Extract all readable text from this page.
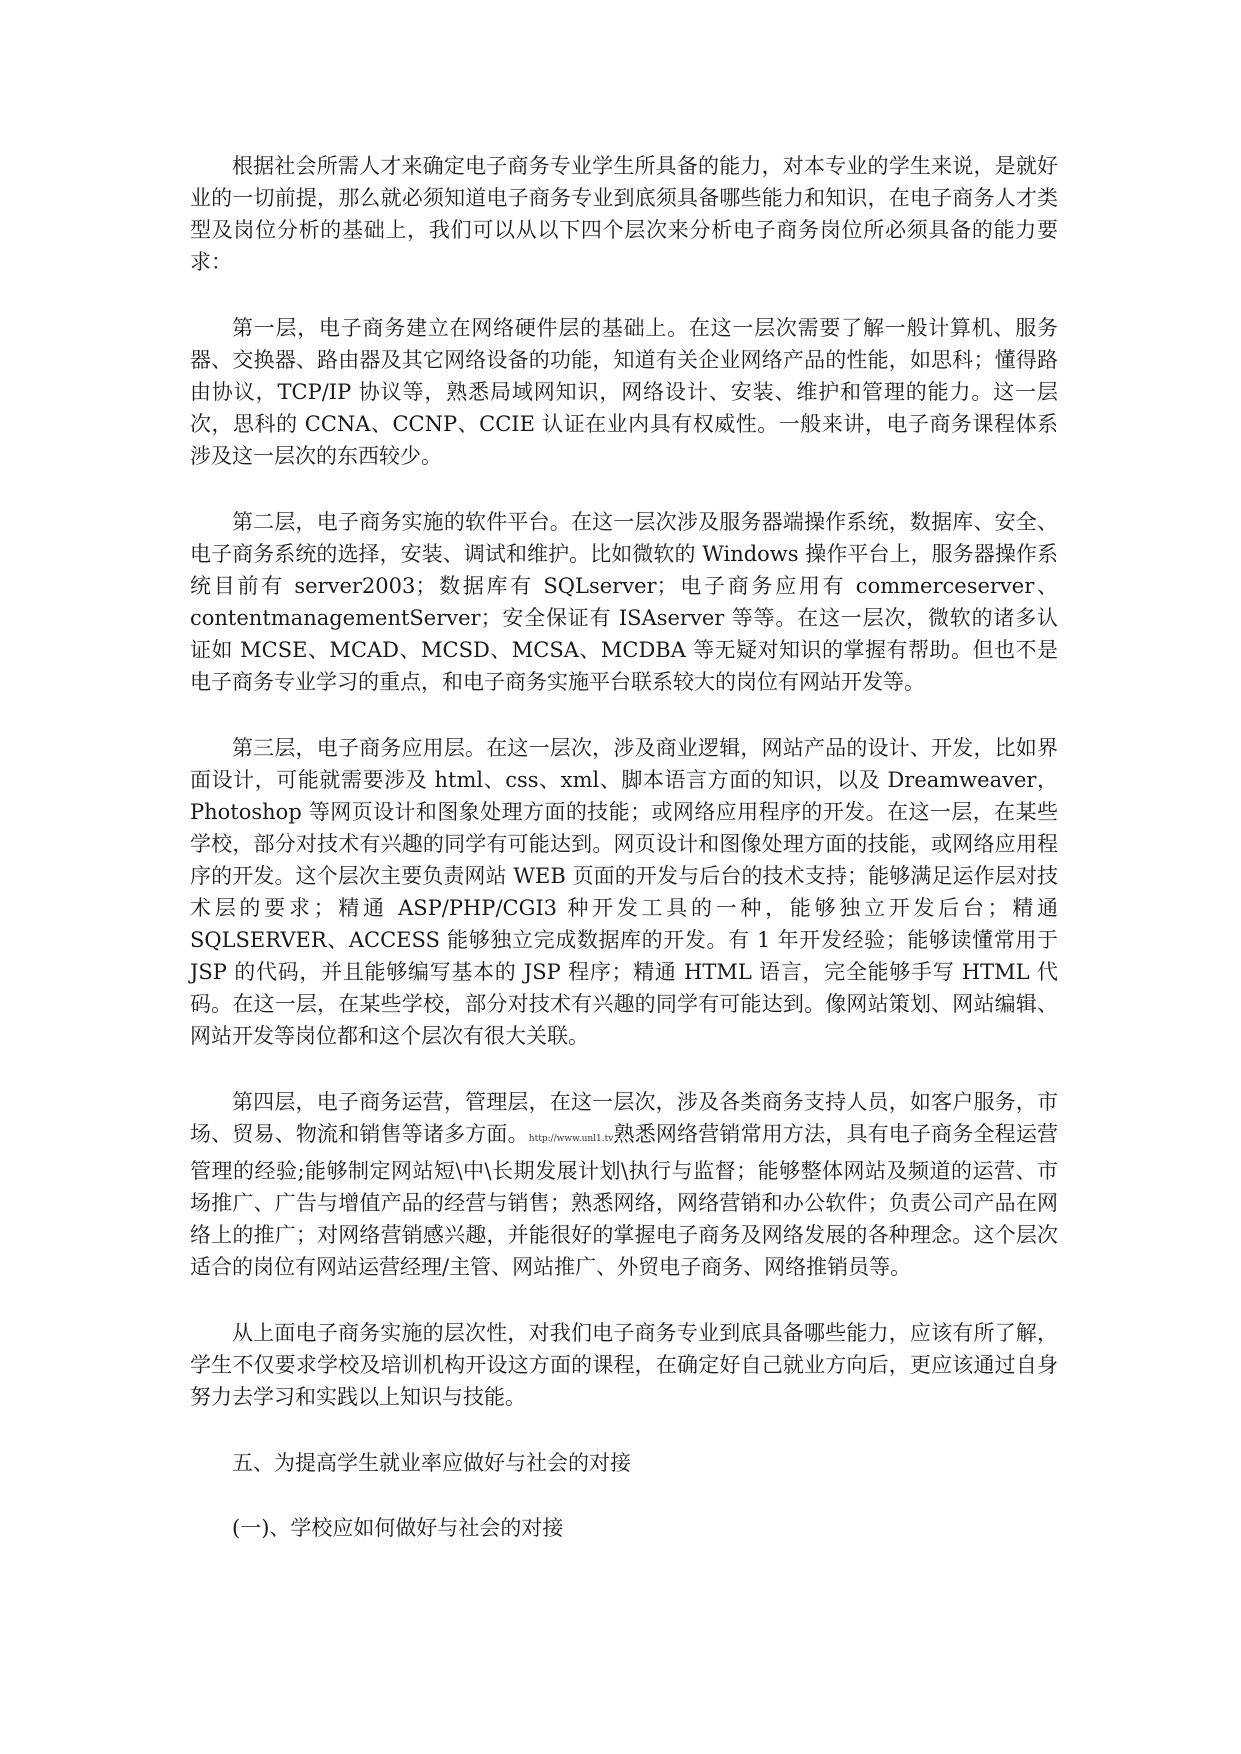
根据社会所需人才来确定电子商务专业学生所具备的能力，对本专业的学生来说，是就好业的一切前提，那么就必须知道电子商务专业到底须具备哪些能力和知识，在电子商务人才类型及岗位分析的基础上，我们可以从以下四个层次来分析电子商务岗位所必须具备的能力要求：

第一层，电子商务建立在网络硬件层的基础上。在这一层次需要了解一般计算机、服务器、交换器、路由器及其它网络设备的功能，知道有关企业网络产品的性能，如思科；懂得路由协议，TCP/IP 协议等，熟悉局域网知识，网络设计、安装、维护和管理的能力。这一层次，思科的 CCNA、CCNP、CCIE 认证在业内具有权威性。一般来讲，电子商务课程体系涉及这一层次的东西较少。

第二层，电子商务实施的软件平台。在这一层次涉及服务器端操作系统，数据库、安全、电子商务系统的选择，安装、调试和维护。比如微软的 Windows 操作平台上，服务器操作系统目前有 server2003；数据库有 SQLserver；电子商务应用有 commerceserver、contentmanagementServer；安全保证有 ISAserver 等等。在这一层次，微软的诸多认证如 MCSE、MCAD、MCSD、MCSA、MCDBA 等无疑对知识的掌握有帮助。但也不是电子商务专业学习的重点，和电子商务实施平台联系较大的岗位有网站开发等。

第三层，电子商务应用层。在这一层次，涉及商业逻辑，网站产品的设计、开发，比如界面设计，可能就需要涉及 html、css、xml、脚本语言方面的知识，以及 Dreamweaver，Photoshop 等网页设计和图象处理方面的技能；或网络应用程序的开发。在这一层，在某些学校，部分对技术有兴趣的同学有可能达到。网页设计和图像处理方面的技能，或网络应用程序的开发。这个层次主要负责网站 WEB 页面的开发与后台的技术支持；能够满足运作层对技术层的要求；精通 ASP/PHP/CGI3 种开发工具的一种，能够独立开发后台；精通 SQLSERVER、ACCESS 能够独立完成数据库的开发。有 1 年开发经验；能够读懂常用于 JSP 的代码，并且能够编写基本的 JSP 程序；精通 HTML 语言，完全能够手写 HTML 代码。在这一层，在某些学校，部分对技术有兴趣的同学有可能达到。像网站策划、网站编辑、网站开发等岗位都和这个层次有很大关联。

第四层，电子商务运营，管理层，在这一层次，涉及各类商务支持人员，如客户服务，市场、贸易、物流和销售等诸多方面。http://www.unl1.tv熟悉网络营销常用方法，具有电子商务全程运营管理的经验;能够制定网站短\中\长期发展计划\执行与监督；能够整体网站及频道的运营、市场推广、广告与增值产品的经营与销售；熟悉网络，网络营销和办公软件；负责公司产品在网络上的推广；对网络营销感兴趣，并能很好的掌握电子商务及网络发展的各种理念。这个层次适合的岗位有网站运营经理/主管、网站推广、外贸电子商务、网络推销员等。

从上面电子商务实施的层次性，对我们电子商务专业到底具备哪些能力，应该有所了解，学生不仅要求学校及培训机构开设这方面的课程，在确定好自己就业方向后，更应该通过自身努力去学习和实践以上知识与技能。

五、为提高学生就业率应做好与社会的对接

(一)、学校应如何做好与社会的对接
